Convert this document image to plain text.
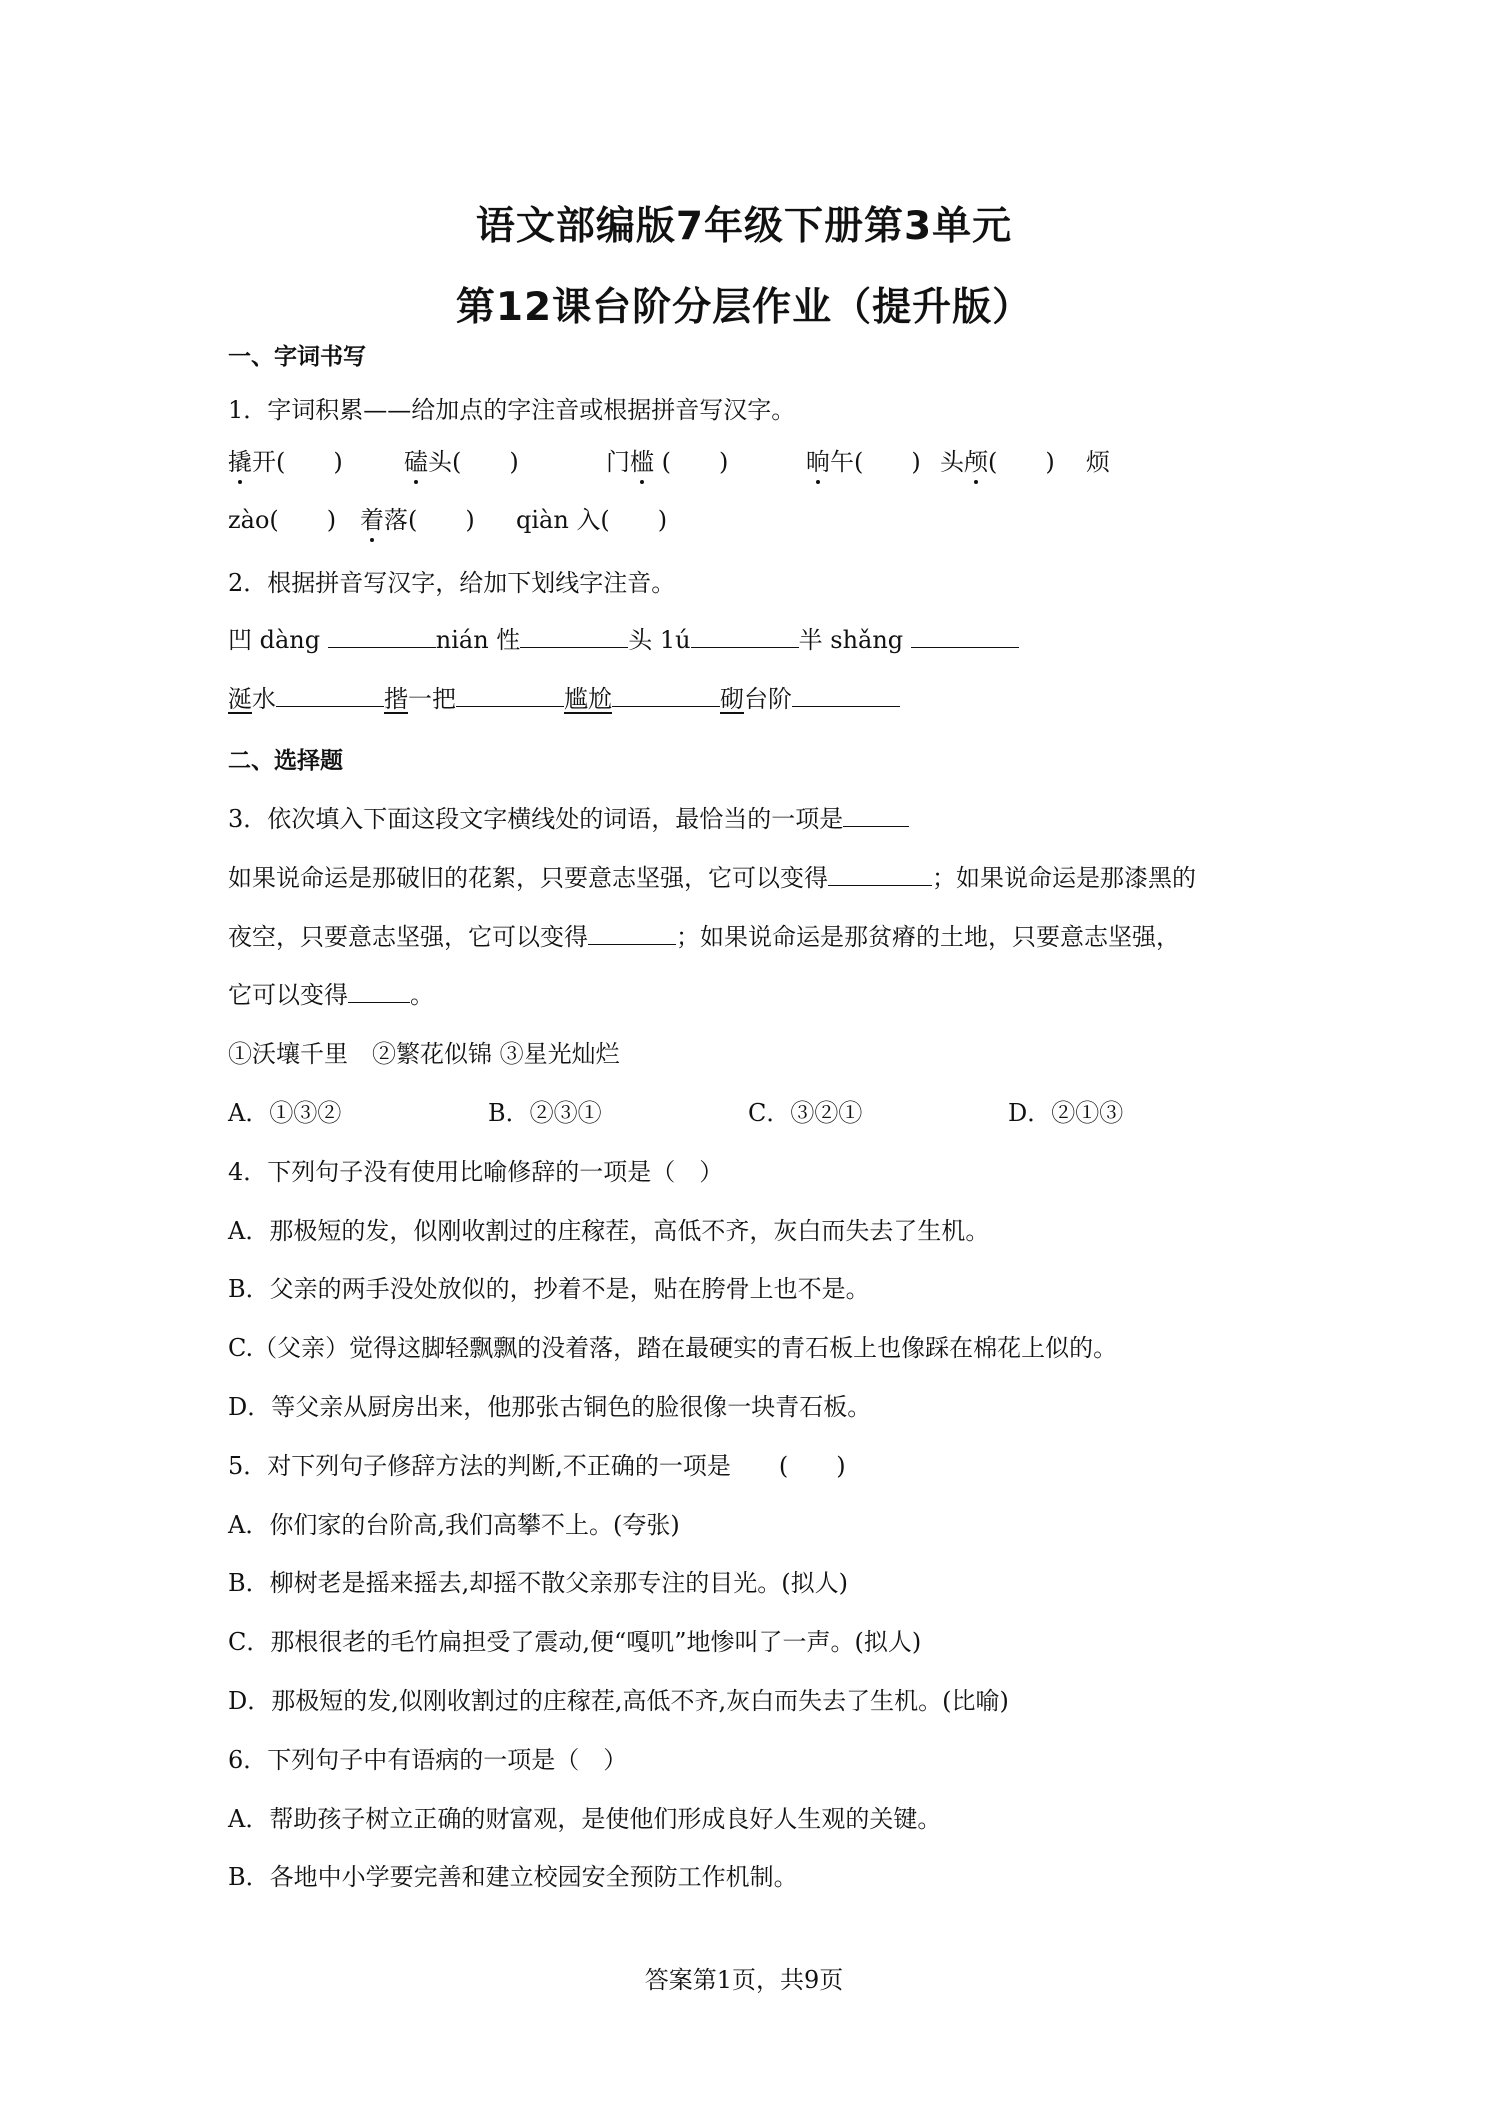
语文部编版7年级下册第3单元
第12课台阶分层作业（提升版）
一、字词书写
1．字词积累——给加点的字注音或根据拼音写汉字。
撬开(　　)	磕头(　　)	门槛 (　　)	晌午(　　) 头颅(　　) 烦
zào(　　) 着落(　　) qiàn 入(　　)
2．根据拼音写汉字，给加下划线字注音。
凹 dàng	nián 性	头 1ú	半 shǎng
涎水	揩一把	尴尬	砌台阶
二、选择题
3．依次填入下面这段文字横线处的词语，最恰当的一项是
如果说命运是那破旧的花絮，只要意志坚强，它可以变得	；如果说命运是那漆黑的
夜空，只要意志坚强，它可以变得	；如果说命运是那贫瘠的土地，只要意志坚强，
它可以变得	。
①沃壤千里　②繁花似锦 ③星光灿烂
A．①③②	B．②③①	C．③②①	D．②①③
4．下列句子没有使用比喻修辞的一项是（　）
A．那极短的发，似刚收割过的庄稼茬，高低不齐，灰白而失去了生机。
B．父亲的两手没处放似的，抄着不是，贴在胯骨上也不是。
C.（父亲）觉得这脚轻飘飘的没着落，踏在最硬实的青石板上也像踩在棉花上似的。
D．等父亲从厨房出来，他那张古铜色的脸很像一块青石板。
5．对下列句子修辞方法的判断,不正确的一项是　　(　　)
A．你们家的台阶高,我们高攀不上。(夸张)
B．柳树老是摇来摇去,却摇不散父亲那专注的目光。(拟人)
C．那根很老的毛竹扁担受了震动,便“嘎叽”地惨叫了一声。(拟人)
D．那极短的发,似刚收割过的庄稼茬,高低不齐,灰白而失去了生机。(比喻)
6．下列句子中有语病的一项是（　）
A．帮助孩子树立正确的财富观，是使他们形成良好人生观的关键。
B．各地中小学要完善和建立校园安全预防工作机制。
答案第1页，共9页
